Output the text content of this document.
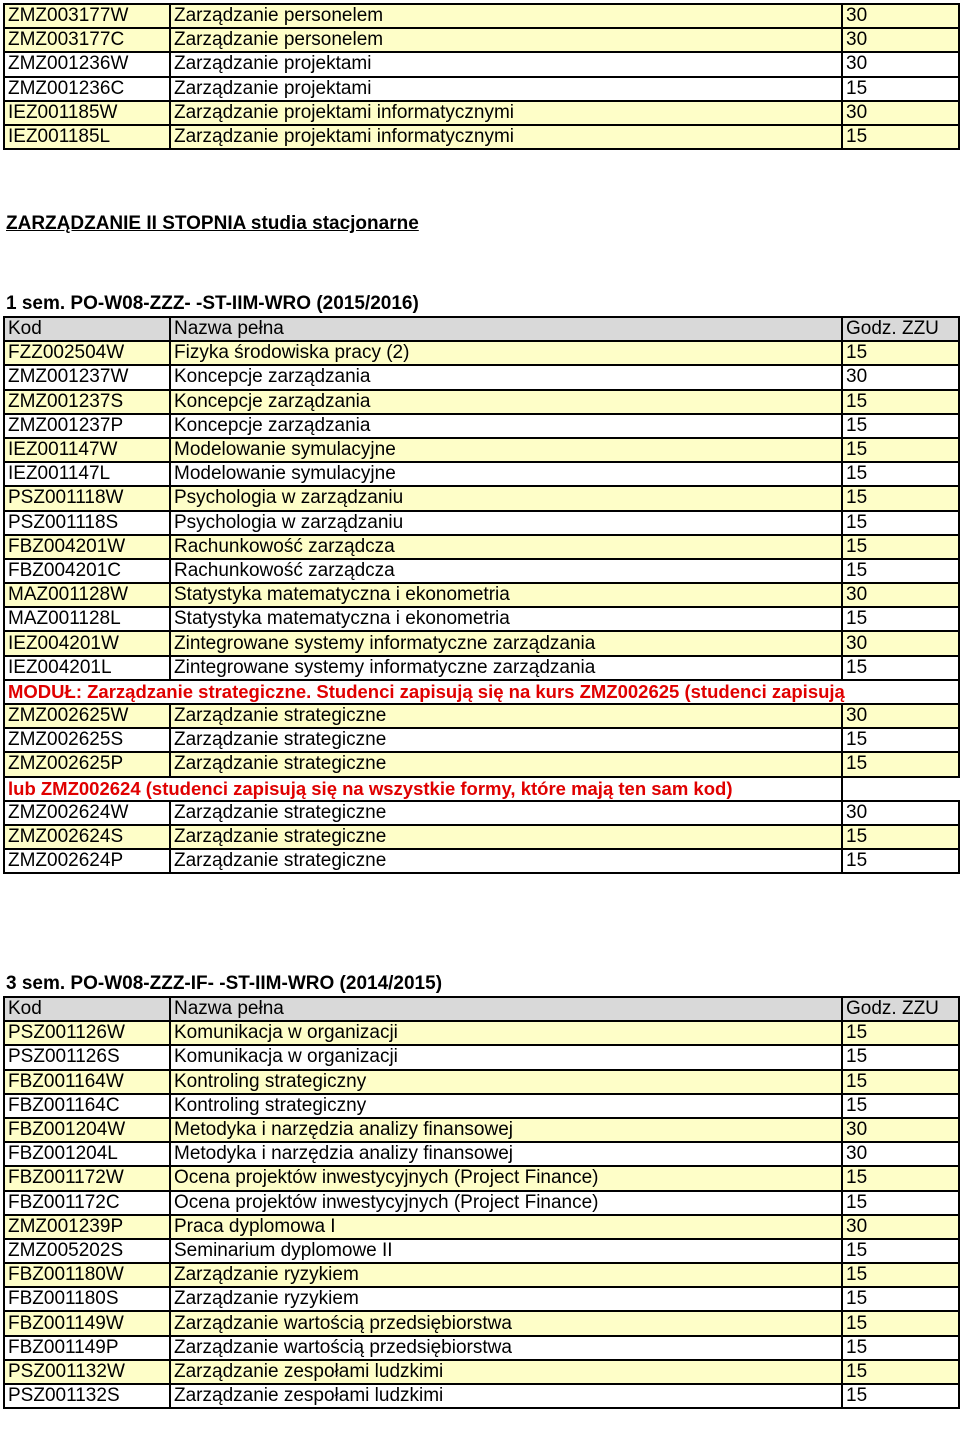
ZMZ003177W	Zarządzanie personelem	30
ZMZ003177C	Zarządzanie personelem	30
ZMZ001236W	Zarządzanie projektami	30
ZMZ001236C	Zarządzanie projektami	15
IEZ001185W	Zarządzanie projektami informatycznymi	30
IEZ001185L	Zarządzanie projektami informatycznymi	15
ZARZĄDZANIE II STOPNIA studia stacjonarne
1 sem. PO-W08-ZZZ- -ST-IIM-WRO (2015/2016)
Kod	Nazwa pełna	Godz. ZZU
FZZ002504W	Fizyka środowiska pracy (2)	15
ZMZ001237W	Koncepcje zarządzania	30
ZMZ001237S	Koncepcje zarządzania	15
ZMZ001237P	Koncepcje zarządzania	15
IEZ001147W	Modelowanie symulacyjne	15
IEZ001147L	Modelowanie symulacyjne	15
PSZ001118W	Psychologia w zarządzaniu	15
PSZ001118S	Psychologia w zarządzaniu	15
FBZ004201W	Rachunkowość zarządcza	15
FBZ004201C	Rachunkowość zarządcza	15
MAZ001128W	Statystyka matematyczna i ekonometria	30
MAZ001128L	Statystyka matematyczna i ekonometria	15
IEZ004201W	Zintegrowane systemy informatyczne zarządzania	30
IEZ004201L	Zintegrowane systemy informatyczne zarządzania	15
MODUŁ: Zarządzanie strategiczne. Studenci zapisują się na kurs ZMZ002625 (studenci zapisują		
ZMZ002625W	Zarządzanie strategiczne	30
ZMZ002625S	Zarządzanie strategiczne	15
ZMZ002625P	Zarządzanie strategiczne	15
lub ZMZ002624 (studenci zapisują się na wszystkie formy, które mają ten sam kod)		
ZMZ002624W	Zarządzanie strategiczne	30
ZMZ002624S	Zarządzanie strategiczne	15
ZMZ002624P	Zarządzanie strategiczne	15
3 sem. PO-W08-ZZZ-IF- -ST-IIM-WRO (2014/2015)
Kod	Nazwa pełna	Godz. ZZU
PSZ001126W	Komunikacja w organizacji	15
PSZ001126S	Komunikacja w organizacji	15
FBZ001164W	Kontroling strategiczny	15
FBZ001164C	Kontroling strategiczny	15
FBZ001204W	Metodyka i narzędzia analizy finansowej	30
FBZ001204L	Metodyka i narzędzia analizy finansowej	30
FBZ001172W	Ocena projektów inwestycyjnych (Project Finance)	15
FBZ001172C	Ocena projektów inwestycyjnych (Project Finance)	15
ZMZ001239P	Praca dyplomowa I	30
ZMZ005202S	Seminarium dyplomowe II	15
FBZ001180W	Zarządzanie ryzykiem	15
FBZ001180S	Zarządzanie ryzykiem	15
FBZ001149W	Zarządzanie wartością przedsiębiorstwa	15
FBZ001149P	Zarządzanie wartością przedsiębiorstwa	15
PSZ001132W	Zarządzanie zespołami ludzkimi	15
PSZ001132S	Zarządzanie zespołami ludzkimi	15
